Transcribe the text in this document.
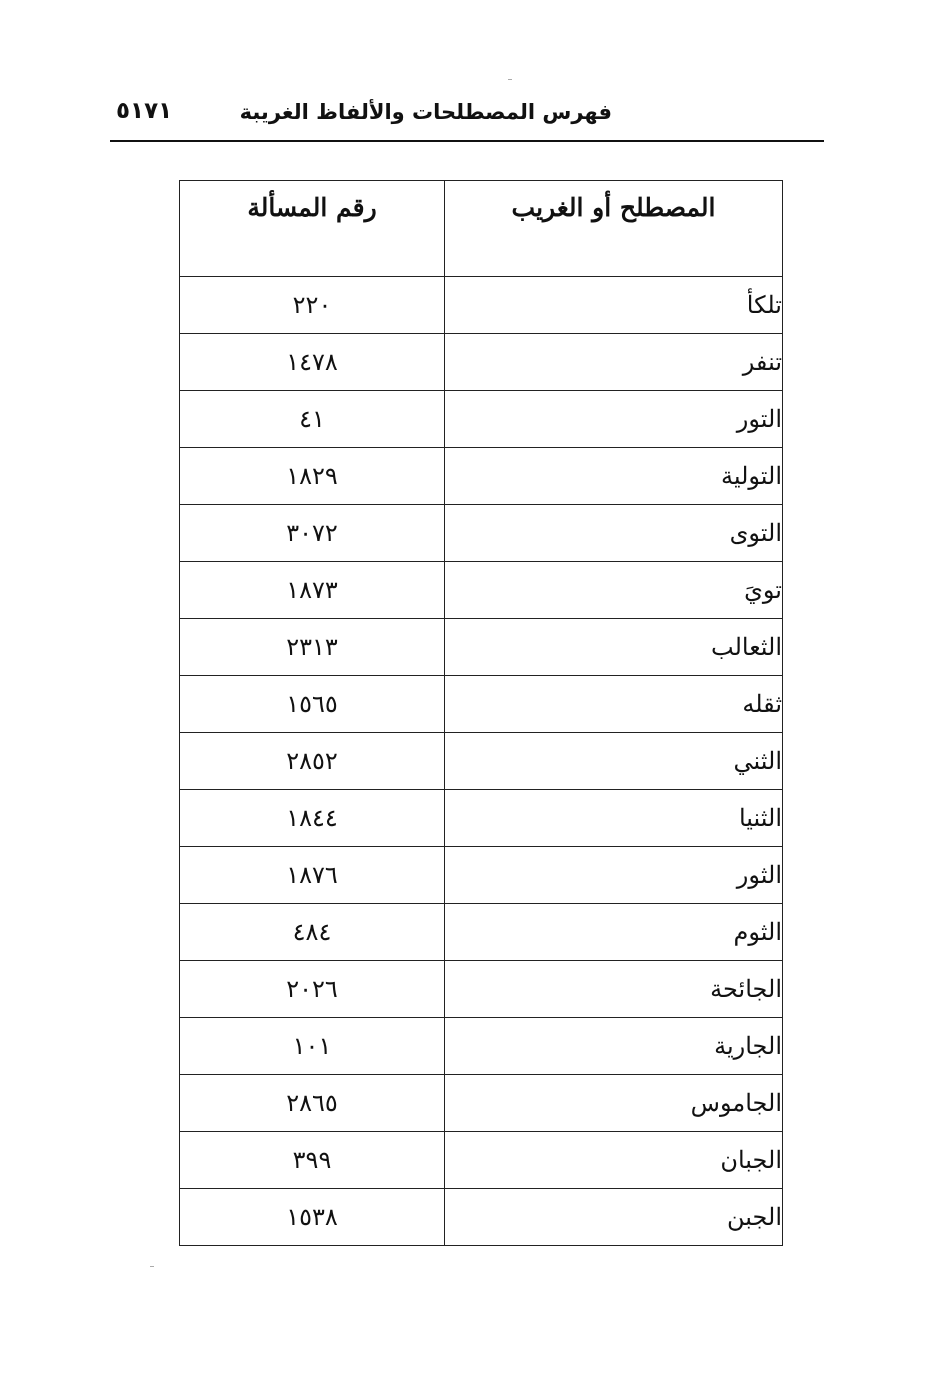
فهرس المصطلحات والألفاظ الغريبة
٥١٧١
المصطلح أو الغريب	رقم المسألة
تلكأ	٢٢٠
تنفر	١٤٧٨
التور	٤١
التولية	١٨٢٩
التوى	٣٠٧٢
تويَ	١٨٧٣
الثعالب	٢٣١٣
ثقله	١٥٦٥
الثني	٢٨٥٢
الثنيا	١٨٤٤
الثور	١٨٧٦
الثوم	٤٨٤
الجائحة	٢٠٢٦
الجارية	١٠١
الجاموس	٢٨٦٥
الجبان	٣٩٩
الجبن	١٥٣٨
